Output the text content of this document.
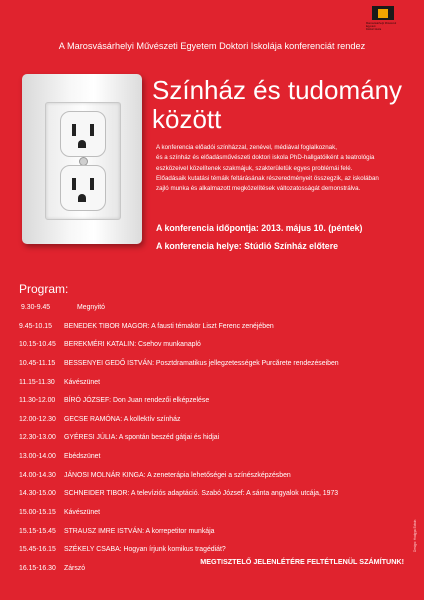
Marosvásárhelyi Művészeti Egyetem
Doktori Iskola
A Marosvásárhelyi Művészeti Egyetem Doktori Iskolája konferenciát rendez
Színház és tudomány
között
A konferencia előadói színházzal, zenével, médiával foglalkoznak,
és a színház és előadásművészeti doktori iskola PhD-hallgatóiként a teatrológia
eszközeivel közelítenek szakmájuk, szakterületük egyes problémái felé.
Előadásaik kutatási témáik feltárásának részeredményeit összegzik, az iskolában
zajló munka és alkalmazott megközelítések változatosságát demonstrálva.
A konferencia időpontja: 2013. május 10. (péntek)
A konferencia helye: Stúdió Színház előtere
Program:
9.30-9.45	Megnyitó
9.45-10.15	BENEDEK TIBOR MAGOR: A fausti témakör Liszt Ferenc zenéjében
10.15-10.45	BEREKMÉRI KATALIN: Csehov munkanapló
10.45-11.15	BESSENYEI GEDŐ ISTVÁN: Posztdramatikus jellegzetességek Purcărete rendezéseiben
11.15-11.30	Kávészünet
11.30-12.00	BÍRÓ JÓZSEF: Don Juan rendezői elképzelése
12.00-12.30	GECSE RAMÓNA: A kollektív színház
12.30-13.00	GYÉRESI JÚLIA: A spontán beszéd gátjai és hidjai
13.00-14.00	Ebédszünet
14.00-14.30	JÁNOSI MOLNÁR KINGA: A zeneterápia lehetőségei a színészképzésben
14.30-15.00	SCHNEIDER TIBOR: A televíziós adaptáció. Szabó József: A sánta angyalok utcája, 1973
15.00-15.15	Kávészünet
15.15-15.45	STRAUSZ IMRE ISTVÁN: A korrepetitor munkája
15.45-16.15	SZÉKELY CSABA: Hogyan írjunk komikus tragédiát?
16.15-16.30	Zárszó
MEGTISZTELŐ JELENLÉTÉRE FELTÉTLENÜL SZÁMÍTUNK!
Design: Hodgya Edwin
